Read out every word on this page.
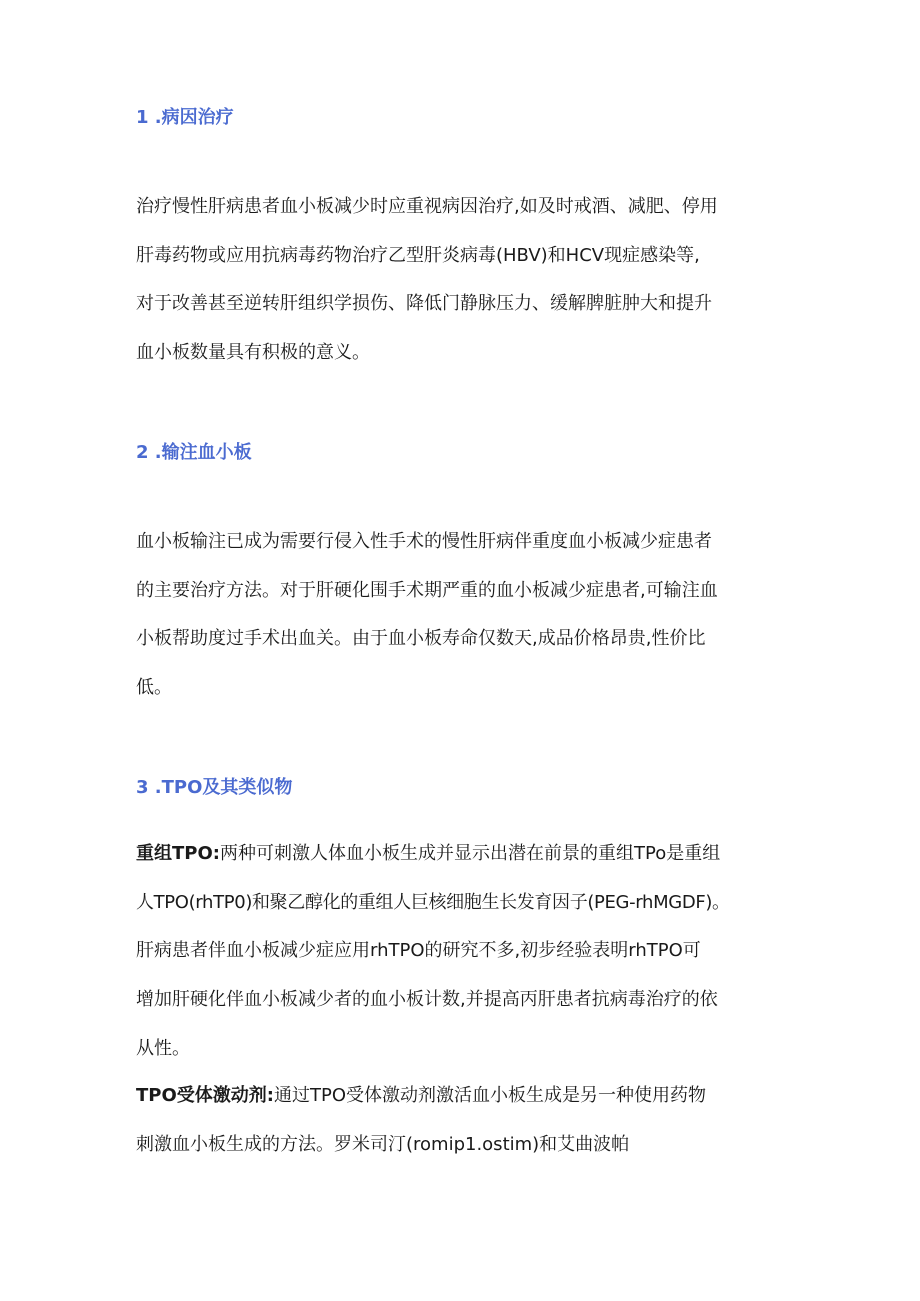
1 .病因治疗
治疗慢性肝病患者血小板减少时应重视病因治疗,如及时戒酒、减肥、停用
肝毒药物或应用抗病毒药物治疗乙型肝炎病毒(HBV)和HCV现症感染等,
对于改善甚至逆转肝组织学损伤、降低门静脉压力、缓解脾脏肿大和提升
血小板数量具有积极的意义。
2 .输注血小板
血小板输注已成为需要行侵入性手术的慢性肝病伴重度血小板减少症患者
的主要治疗方法。对于肝硬化围手术期严重的血小板减少症患者,可输注血
小板帮助度过手术出血关。由于血小板寿命仅数天,成品价格昂贵,性价比
低。
3 .TPO及其类似物
重组TPO:两种可刺激人体血小板生成并显示出潜在前景的重组TPo是重组
人TPO(rhTP0)和聚乙醇化的重组人巨核细胞生长发育因子(PEG-rhMGDF)。
肝病患者伴血小板减少症应用rhTPO的研究不多,初步经验表明rhTPO可
增加肝硬化伴血小板减少者的血小板计数,并提高丙肝患者抗病毒治疗的依
从性。
TPO受体激动剂:通过TPO受体激动剂激活血小板生成是另一种使用药物
刺激血小板生成的方法。罗米司汀(romip1.ostim)和艾曲波帕
